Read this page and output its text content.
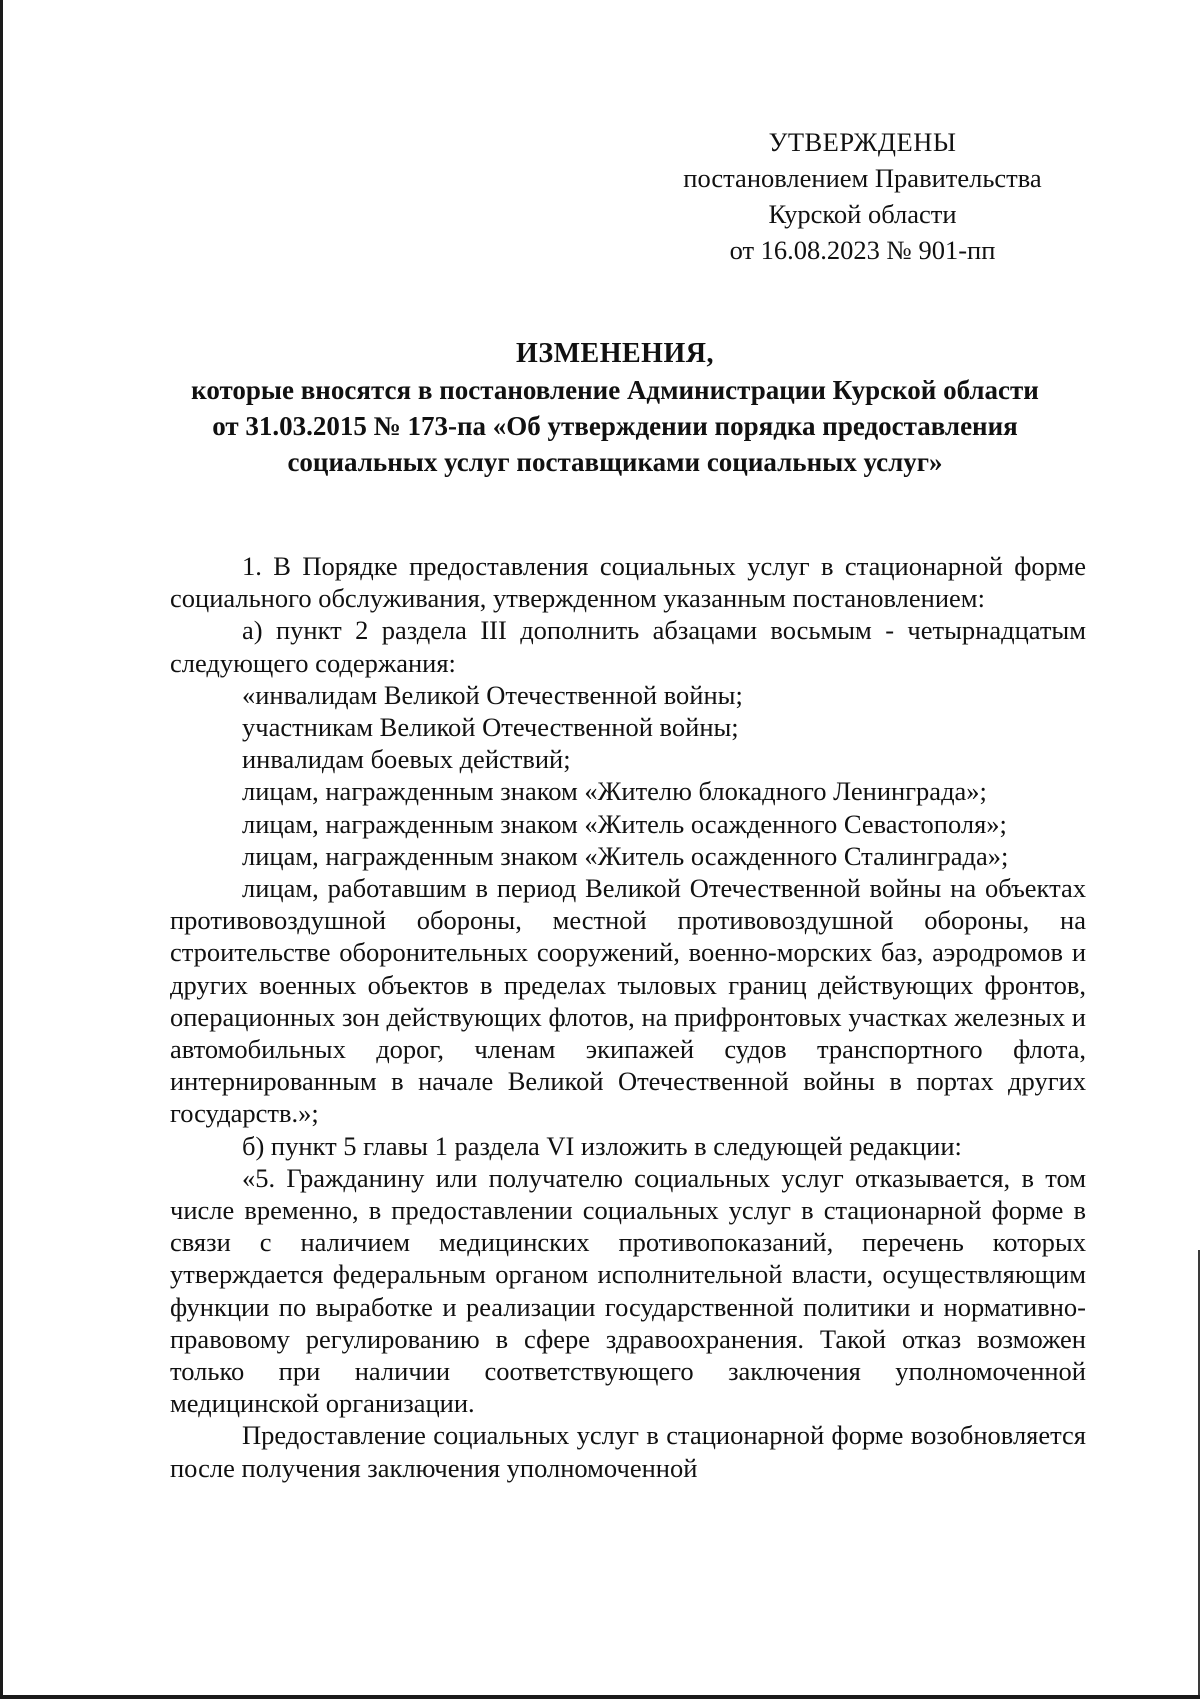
УТВЕРЖДЕНЫ
постановлением Правительства
Курской области
от 16.08.2023 № 901-пп
ИЗМЕНЕНИЯ,
которые вносятся в постановление Администрации Курской области
от 31.03.2015 № 173-па «Об утверждении порядка предоставления
социальных услуг поставщиками социальных услуг»

1. В Порядке предоставления социальных услуг в стационарной форме социального обслуживания, утвержденном указанным постановлением:

а) пункт 2 раздела III дополнить абзацами восьмым - четырнадцатым следующего содержания:

«инвалидам Великой Отечественной войны;

участникам Великой Отечественной войны;

инвалидам боевых действий;

лицам, награжденным знаком «Жителю блокадного Ленинграда»;

лицам, награжденным знаком «Житель осажденного Севастополя»;

лицам, награжденным знаком «Житель осажденного Сталинграда»;

лицам, работавшим в период Великой Отечественной войны на объектах противовоздушной обороны, местной противовоздушной обороны, на строительстве оборонительных сооружений, военно-морских баз, аэродромов и других военных объектов в пределах тыловых границ действующих фронтов, операционных зон действующих флотов, на прифронтовых участках железных и автомобильных дорог, членам экипажей судов транспортного флота, интернированным в начале Великой Отечественной войны в портах других государств.»;

б) пункт 5 главы 1 раздела VI изложить в следующей редакции:

«5. Гражданину или получателю социальных услуг отказывается, в том числе временно, в предоставлении социальных услуг в стационарной форме в связи с наличием медицинских противопоказаний, перечень которых утверждается федеральным органом исполнительной власти, осуществляющим функции по выработке и реализации государственной политики и нормативно-правовому регулированию в сфере здравоохранения. Такой отказ возможен только при наличии соответствующего заключения уполномоченной медицинской организации.

Предоставление социальных услуг в стационарной форме возобновляется после получения заключения уполномоченной
